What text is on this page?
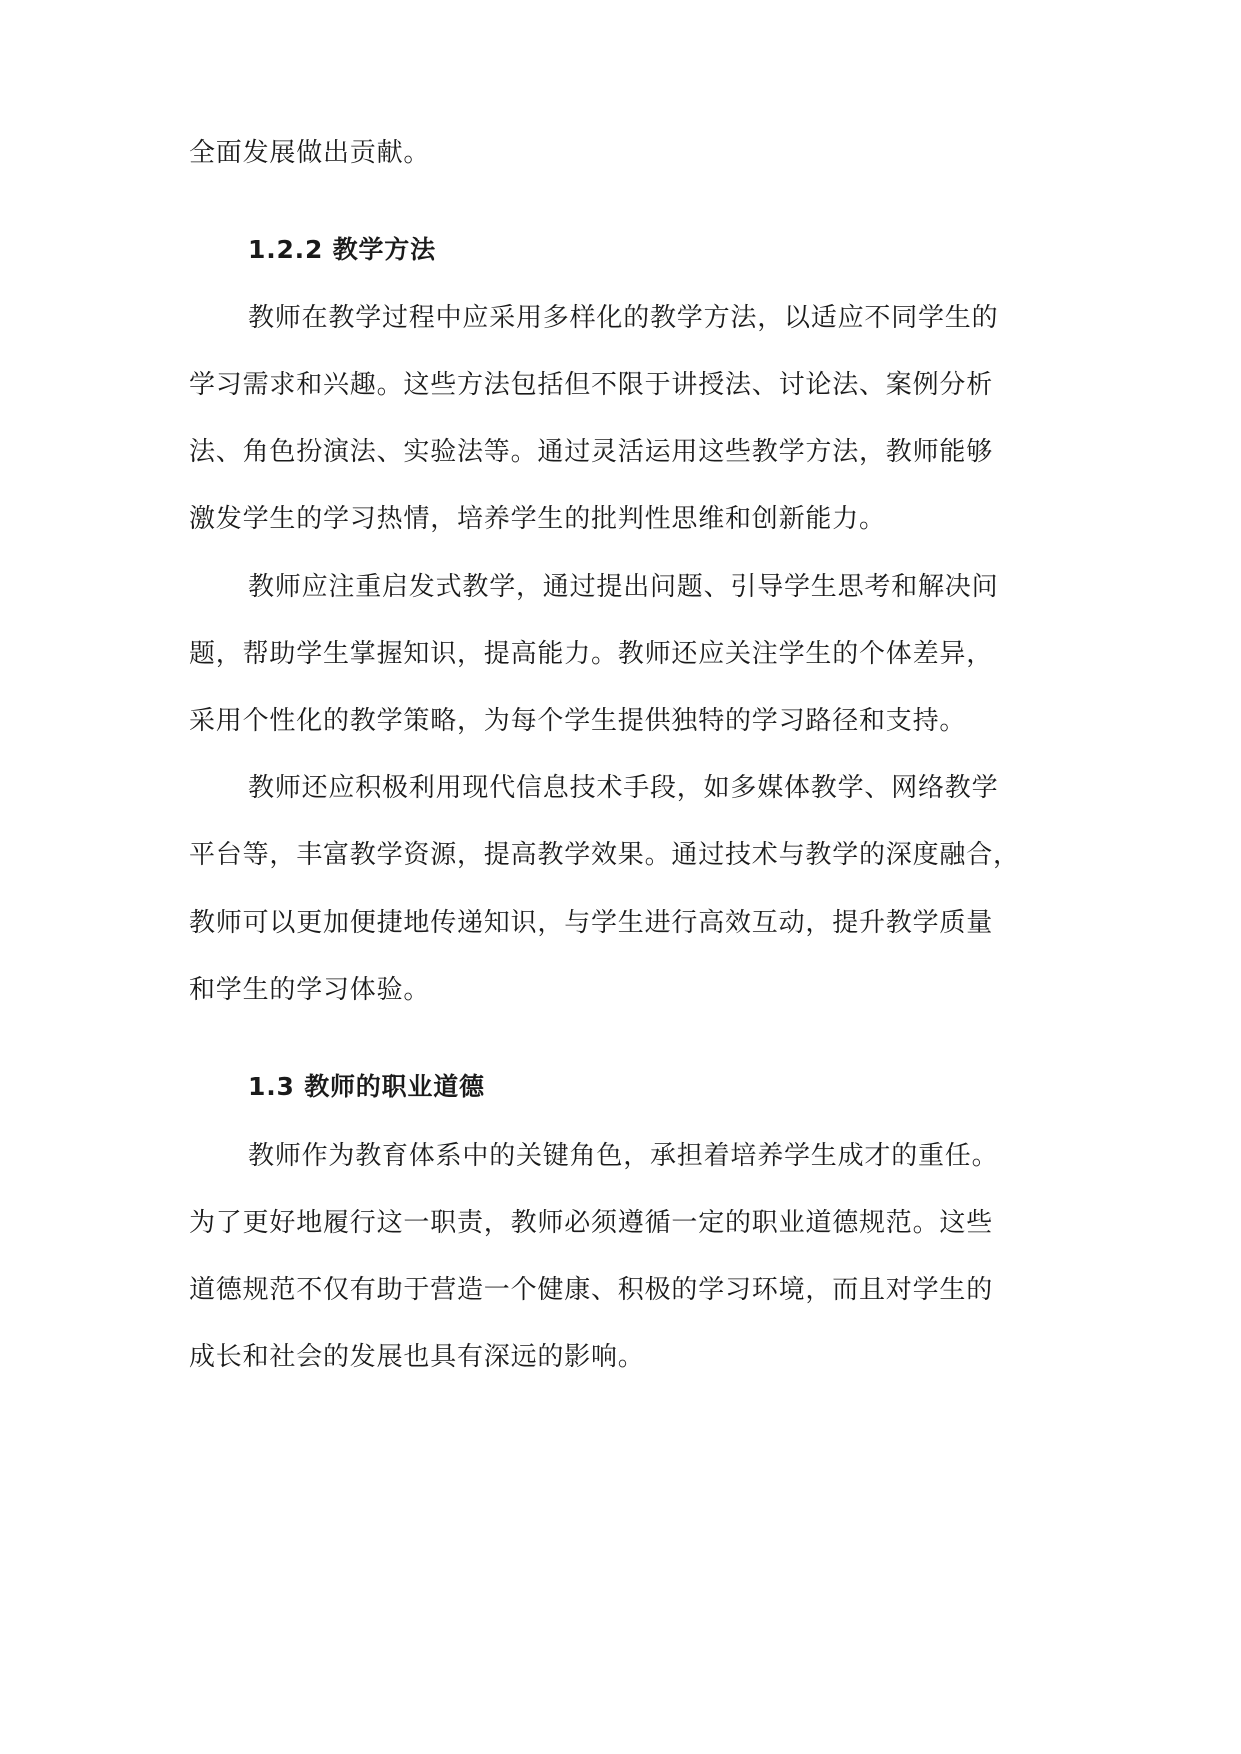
全面发展做出贡献。
1.2.2 教学方法
教师在教学过程中应采用多样化的教学方法，以适应不同学生的
学习需求和兴趣。这些方法包括但不限于讲授法、讨论法、案例分析
法、角色扮演法、实验法等。通过灵活运用这些教学方法，教师能够
激发学生的学习热情，培养学生的批判性思维和创新能力。
教师应注重启发式教学，通过提出问题、引导学生思考和解决问
题，帮助学生掌握知识，提高能力。教师还应关注学生的个体差异，
采用个性化的教学策略，为每个学生提供独特的学习路径和支持。
教师还应积极利用现代信息技术手段，如多媒体教学、网络教学
平台等，丰富教学资源，提高教学效果。通过技术与教学的深度融合，
教师可以更加便捷地传递知识，与学生进行高效互动，提升教学质量
和学生的学习体验。
1.3 教师的职业道德
教师作为教育体系中的关键角色，承担着培养学生成才的重任。
为了更好地履行这一职责，教师必须遵循一定的职业道德规范。这些
道德规范不仅有助于营造一个健康、积极的学习环境，而且对学生的
成长和社会的发展也具有深远的影响。
